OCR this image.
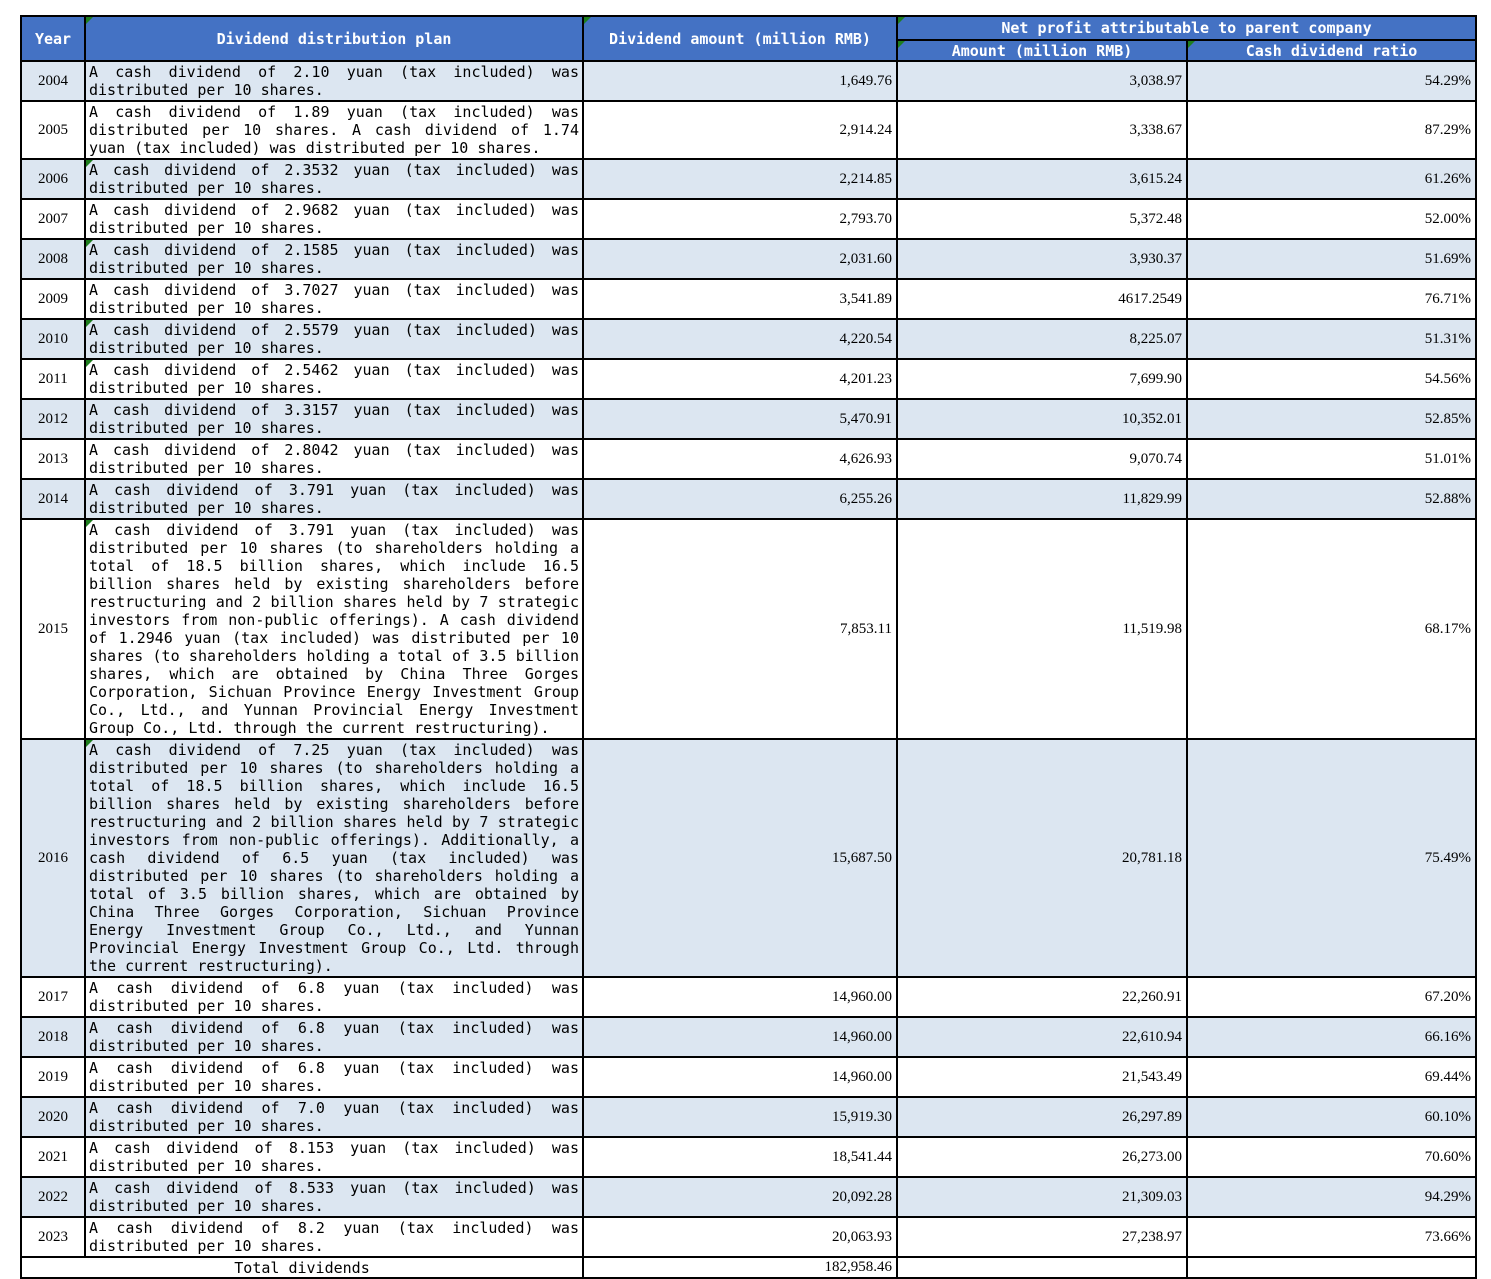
Year	Dividend distribution plan	Dividend amount (million RMB)	Net profit attributable to parent company	

Amount (million RMB)	Cash dividend ratio
2004	A cash dividend of 2.10 yuan (tax included) was distributed per 10 shares.	1,649.76	3,038.97	54.29%
2005	A cash dividend of 1.89 yuan (tax included) was distributed per 10 shares. A cash dividend of 1.74 yuan (tax included) was distributed per 10 shares.	2,914.24	3,338.67	87.29%
2006	A cash dividend of 2.3532 yuan (tax included) was distributed per 10 shares.	2,214.85	3,615.24	61.26%
2007	A cash dividend of 2.9682 yuan (tax included) was distributed per 10 shares.	2,793.70	5,372.48	52.00%
2008	A cash dividend of 2.1585 yuan (tax included) was distributed per 10 shares.	2,031.60	3,930.37	51.69%
2009	A cash dividend of 3.7027 yuan (tax included) was distributed per 10 shares.	3,541.89	4617.2549	76.71%
2010	A cash dividend of 2.5579 yuan (tax included) was distributed per 10 shares.	4,220.54	8,225.07	51.31%
2011	A cash dividend of 2.5462 yuan (tax included) was distributed per 10 shares.	4,201.23	7,699.90	54.56%
2012	A cash dividend of 3.3157 yuan (tax included) was distributed per 10 shares.	5,470.91	10,352.01	52.85%
2013	A cash dividend of 2.8042 yuan (tax included) was distributed per 10 shares.	4,626.93	9,070.74	51.01%
2014	A cash dividend of 3.791 yuan (tax included) was distributed per 10 shares.	6,255.26	11,829.99	52.88%
2015	A cash dividend of 3.791 yuan (tax included) was distributed per 10 shares (to shareholders holding a total of 18.5 billion shares, which include 16.5 billion shares held by existing shareholders before restructuring and 2 billion shares held by 7 strategic investors from non-public offerings). A cash dividend of 1.2946 yuan (tax included) was distributed per 10 shares (to shareholders holding a total of 3.5 billion shares, which are obtained by China Three Gorges Corporation, Sichuan Province Energy Investment Group Co., Ltd., and Yunnan Provincial Energy Investment Group Co., Ltd. through the current restructuring).	7,853.11	11,519.98	68.17%
2016	A cash dividend of 7.25 yuan (tax included) was distributed per 10 shares (to shareholders holding a total of 18.5 billion shares, which include 16.5 billion shares held by existing shareholders before restructuring and 2 billion shares held by 7 strategic investors from non-public offerings). Additionally, a cash dividend of 6.5 yuan (tax included) was distributed per 10 shares (to shareholders holding a total of 3.5 billion shares, which are obtained by China Three Gorges Corporation, Sichuan Province Energy Investment Group Co., Ltd., and Yunnan Provincial Energy Investment Group Co., Ltd. through the current restructuring).	15,687.50	20,781.18	75.49%
2017	A cash dividend of 6.8 yuan (tax included) was distributed per 10 shares.	14,960.00	22,260.91	67.20%
2018	A cash dividend of 6.8 yuan (tax included) was distributed per 10 shares.	14,960.00	22,610.94	66.16%
2019	A cash dividend of 6.8 yuan (tax included) was distributed per 10 shares.	14,960.00	21,543.49	69.44%
2020	A cash dividend of 7.0 yuan (tax included) was distributed per 10 shares.	15,919.30	26,297.89	60.10%
2021	A cash dividend of 8.153 yuan (tax included) was distributed per 10 shares.	18,541.44	26,273.00	70.60%
2022	A cash dividend of 8.533 yuan (tax included) was distributed per 10 shares.	20,092.28	21,309.03	94.29%
2023	A cash dividend of 8.2 yuan (tax included) was distributed per 10 shares.	20,063.93	27,238.97	73.66%
Total dividends		182,958.46		
